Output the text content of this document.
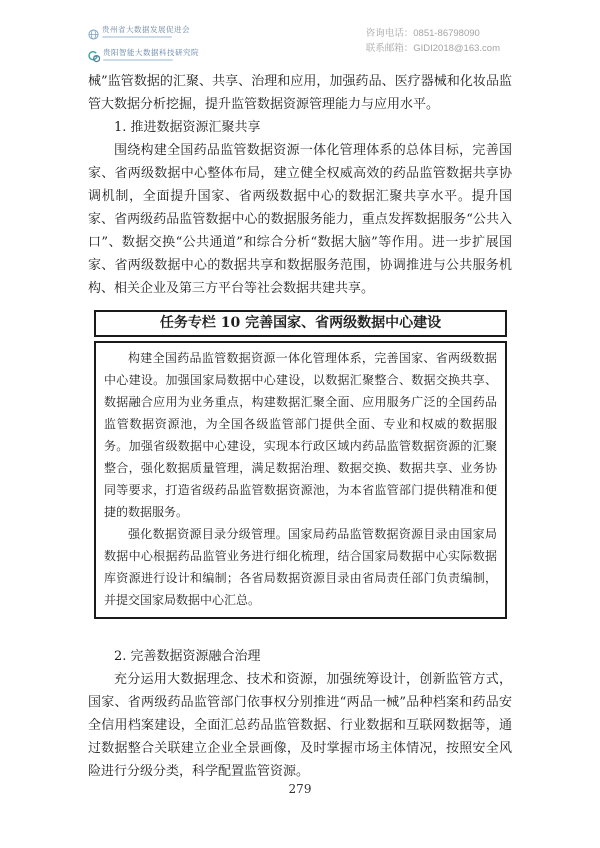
贵州省大数据发展促进会
贵阳智能大数据科技研究院
咨询电话：0851-86798090
联系邮箱：GIDI2018@163.com

械”监管数据的汇聚、共享、治理和应用，加强药品、医疗器械和化妆品监管大数据分析挖掘，提升监管数据资源管理能力与应用水平。

1. 推进数据资源汇聚共享

围绕构建全国药品监管数据资源一体化管理体系的总体目标，完善国家、省两级数据中心整体布局，建立健全权威高效的药品监管数据共享协调机制，全面提升国家、省两级数据中心的数据汇聚共享水平。提升国家、省两级药品监管数据中心的数据服务能力，重点发挥数据服务“公共入口”、数据交换“公共通道”和综合分析“数据大脑”等作用。进一步扩展国家、省两级数据中心的数据共享和数据服务范围，协调推进与公共服务机构、相关企业及第三方平台等社会数据共建共享。

任务专栏 10 完善国家、省两级数据中心建设

构建全国药品监管数据资源一体化管理体系，完善国家、省两级数据中心建设。加强国家局数据中心建设，以数据汇聚整合、数据交换共享、数据融合应用为业务重点，构建数据汇聚全面、应用服务广泛的全国药品监管数据资源池，为全国各级监管部门提供全面、专业和权威的数据服务。加强省级数据中心建设，实现本行政区域内药品监管数据资源的汇聚整合，强化数据质量管理，满足数据治理、数据交换、数据共享、业务协同等要求，打造省级药品监管数据资源池，为本省监管部门提供精准和便捷的数据服务。

强化数据资源目录分级管理。国家局药品监管数据资源目录由国家局数据中心根据药品监管业务进行细化梳理，结合国家局数据中心实际数据库资源进行设计和编制；各省局数据资源目录由省局责任部门负责编制，并提交国家局数据中心汇总。

2. 完善数据资源融合治理

充分运用大数据理念、技术和资源，加强统筹设计，创新监管方式，国家、省两级药品监管部门依事权分别推进“两品一械”品种档案和药品安全信用档案建设，全面汇总药品监管数据、行业数据和互联网数据等，通过数据整合关联建立企业全景画像，及时掌握市场主体情况，按照安全风险进行分级分类，科学配置监管资源。

279
